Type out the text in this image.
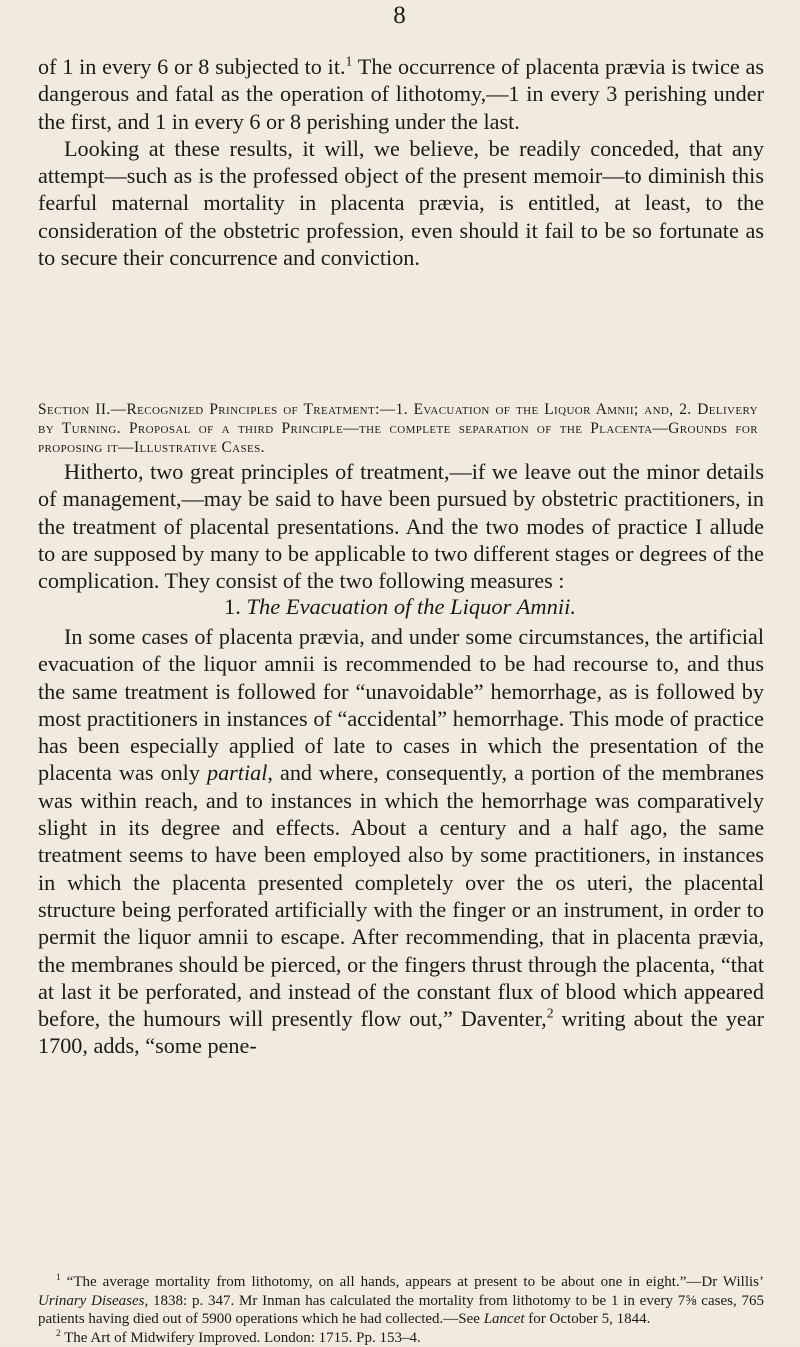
8

of 1 in every 6 or 8 subjected to it.$^1$ The occurrence of placenta prævia is twice as dangerous and fatal as the operation of lithotomy,—1 in every 3 perishing under the first, and 1 in every 6 or 8 perishing under the last.
Looking at these results, it will, we believe, be readily conceded, that any attempt—such as is the professed object of the present memoir—to diminish this fearful maternal mortality in placenta prævia, is entitled, at least, to the consideration of the obstetric profession, even should it fail to be so fortunate as to secure their concurrence and conviction.

Section II.—Recognized Principles of Treatment:—1. Evacuation of the Liquor Amnii; and, 2. Delivery by Turning. Proposal of a third Principle—the complete separation of the Placenta—Grounds for proposing it—Illustrative Cases.

Hitherto, two great principles of treatment,—if we leave out the minor details of management,—may be said to have been pursued by obstetric practitioners, in the treatment of placental presentations. And the two modes of practice I allude to are supposed by many to be applicable to two different stages or degrees of the complication. They consist of the two following measures :

1. The Evacuation of the Liquor Amnii.

In some cases of placenta prævia, and under some circumstances, the artificial evacuation of the liquor amnii is recommended to be had recourse to, and thus the same treatment is followed for “unavoidable” hemorrhage, as is followed by most practitioners in instances of “accidental” hemorrhage. This mode of practice has been especially applied of late to cases in which the presentation of the placenta was only partial, and where, consequently, a portion of the membranes was within reach, and to instances in which the hemorrhage was comparatively slight in its degree and effects. About a century and a half ago, the same treatment seems to have been employed also by some practitioners, in instances in which the placenta presented completely over the os uteri, the placental structure being perforated artificially with the finger or an instrument, in order to permit the liquor amnii to escape. After recommending, that in placenta prævia, the membranes should be pierced, or the fingers thrust through the placenta, “that at last it be perforated, and instead of the constant flux of blood which appeared before, the humours will presently flow out,” Daventer,$^2$ writing about the year 1700, adds, “some pene-

$^1$ “The average mortality from lithotomy, on all hands, appears at present to be about one in eight.”—Dr Willis’ Urinary Diseases, 1838: p. 347. Mr Inman has calculated the mortality from lithotomy to be 1 in every 7⅝ cases, 765 patients having died out of 5900 operations which he had collected.—See Lancet for October 5, 1844.

$^2$ The Art of Midwifery Improved. London: 1715. Pp. 153–4.
